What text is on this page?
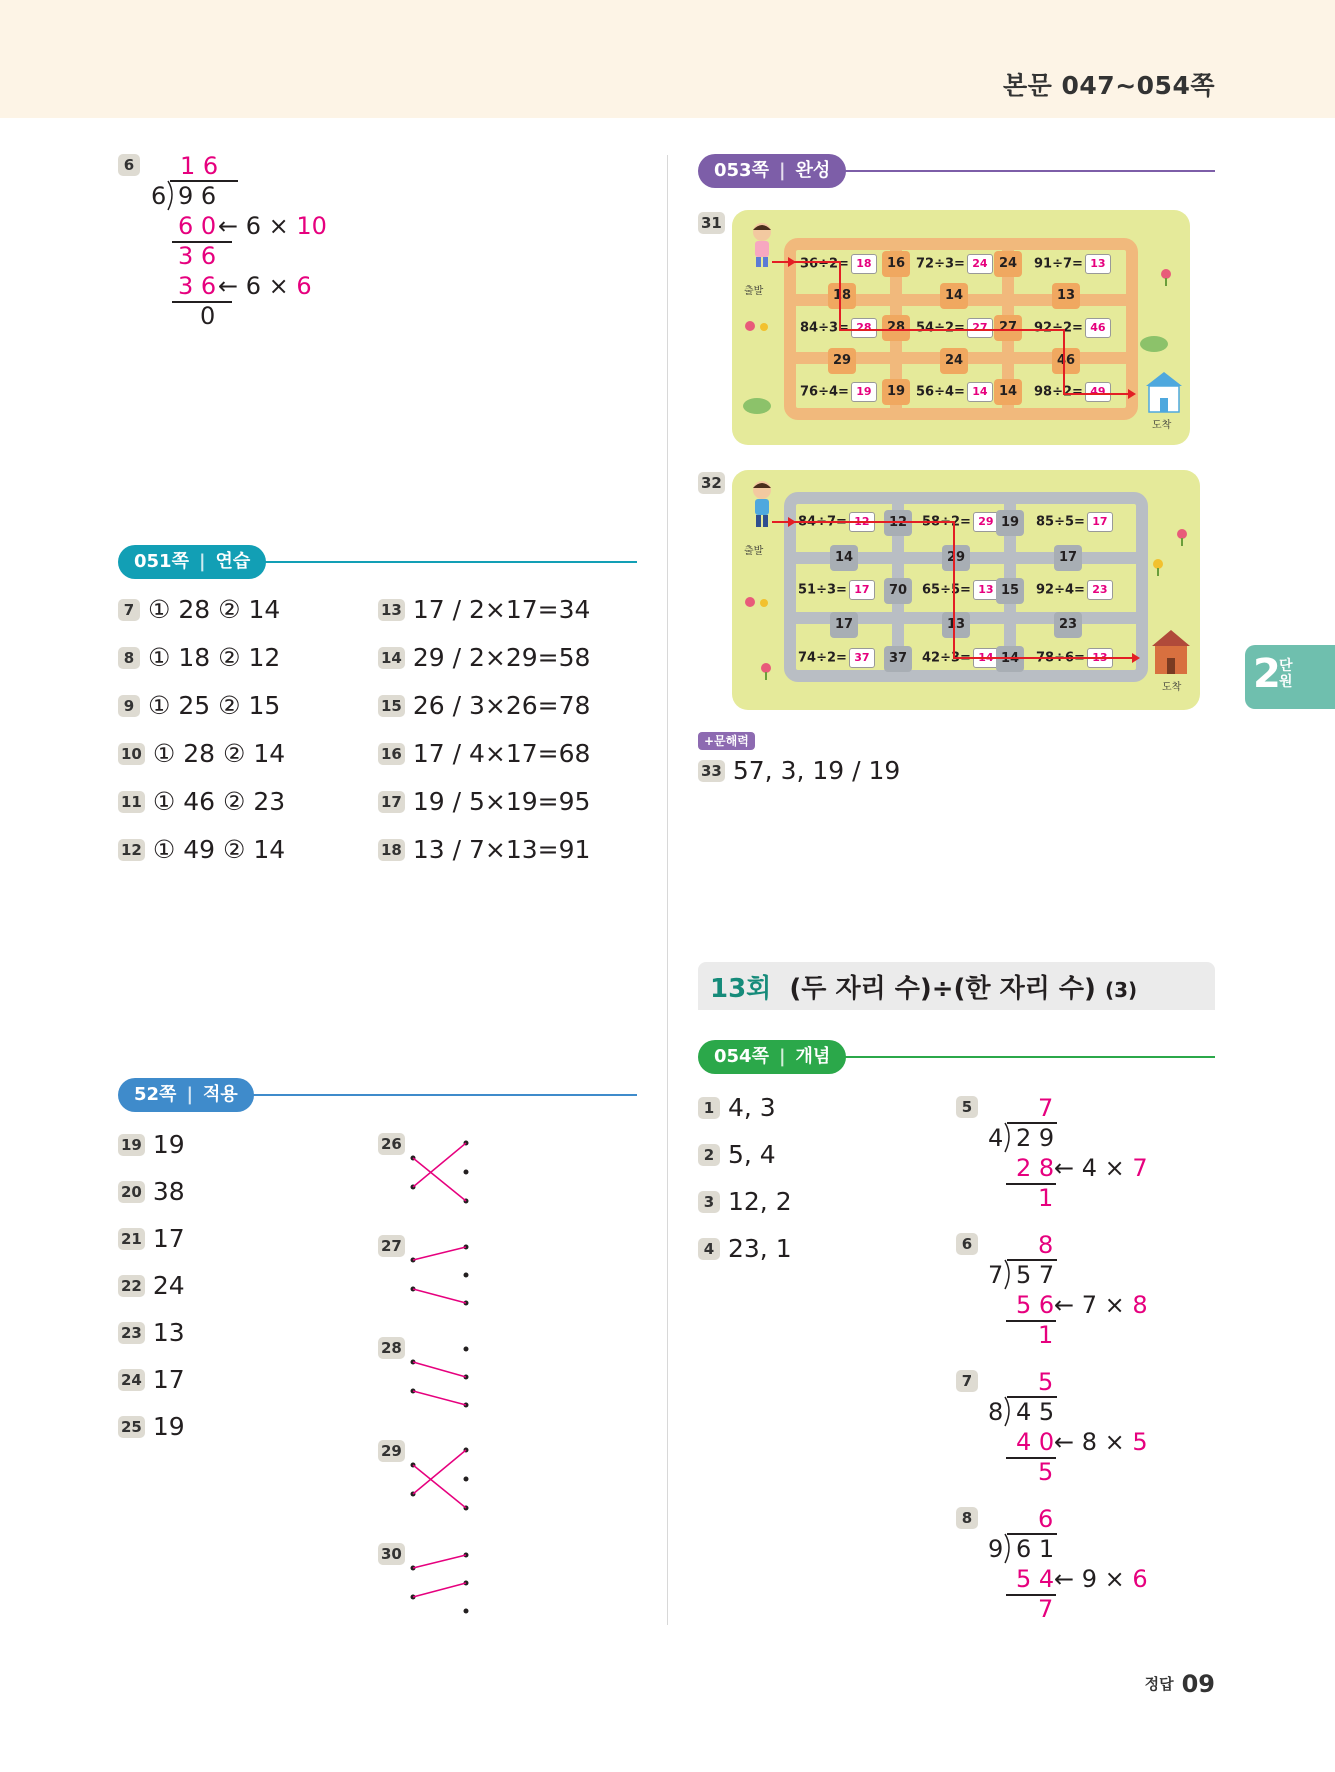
본문 047~054쪽
6 1 6
6 9 6
6 0 ← 6 × 10
3 6
3 6 ← 6 × 6
0
051쪽 | 연습
7 ① 28 ② 14
8 ① 18 ② 12
9 ① 25 ② 15
10 ① 28 ② 14
11 ① 46 ② 23
12 ① 49 ② 14
13 17 / 2×17=34
14 29 / 2×29=58
15 26 / 3×26=78
16 17 / 4×17=68
17 19 / 5×19=95
18 13 / 7×13=91
52쪽 | 적용
19 19
20 38
21 17
22 24
23 13
24 17
25 19
26
27
28
29
30
053쪽 | 완성
31
36÷2= 18	72÷3= 24	91÷7= 13
84÷3= 28	54÷2= 27	92÷2= 46
76÷4= 19	56÷4= 14	98÷2= 49
16	24
28	27
19	14
18	14	13
29	24	46
출발
도착
32
84÷7= 12	58÷2= 29	85÷5= 17
51÷3= 17	65÷5= 13	92÷4= 23
74÷2= 37	42÷3= 14	78÷6= 13
12	19
70	15
37	14
14	29	17
17	13	23
출발
도착
+문해력
33 57, 3, 19 / 19
13회 (두 자리 수)÷(한 자리 수) (3)
054쪽 | 개념
1 4, 3
2 5, 4
3 12, 2
4 23, 1
5	7
4 2 9
2 8 ← 4 × 7
1
6	8
7 5 7
5 6 ← 7 × 8
1
7	5
8 4 5
4 0 ← 8 × 5
5
8	6
9 6 1
5 4 ← 9 × 6
7
2
단원
정답 09
